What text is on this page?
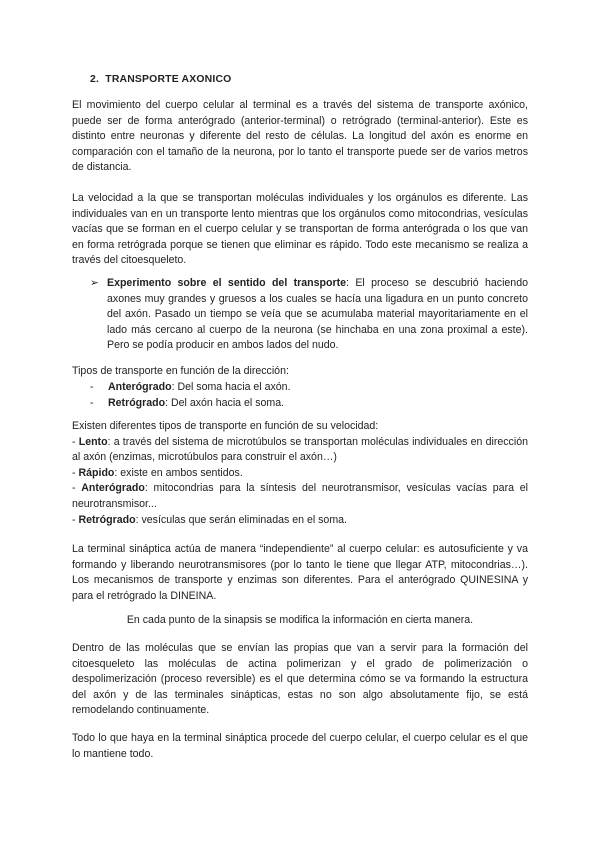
2. TRANSPORTE AXONICO

El movimiento del cuerpo celular al terminal es a través del sistema de transporte axónico, puede ser de forma anterógrado (anterior-terminal) o retrógrado (terminal-anterior). Este es distinto entre neuronas y diferente del resto de células. La longitud del axón es enorme en comparación con el tamaño de la neurona, por lo tanto el transporte puede ser de varios metros de distancia.

La velocidad a la que se transportan moléculas individuales y los orgánulos es diferente. Las individuales van en un transporte lento mientras que los orgánulos como mitocondrias, vesículas vacías que se forman en el cuerpo celular y se transportan de forma anterógrada o los que van en forma retrógrada porque se tienen que eliminar es rápido. Todo este mecanismo se realiza a través del citoesqueleto.

➢ Experimento sobre el sentido del transporte: El proceso se descubrió haciendo axones muy grandes y gruesos a los cuales se hacía una ligadura en un punto concreto del axón. Pasado un tiempo se veía que se acumulaba material mayoritariamente en el lado más cercano al cuerpo de la neurona (se hinchaba en una zona proximal a este). Pero se podía producir en ambos lados del nudo.

Tipos de transporte en función de la dirección:
- Anterógrado: Del soma hacia el axón.
- Retrógrado: Del axón hacia el soma.
Existen diferentes tipos de transporte en función de su velocidad:
- Lento: a través del sistema de microtúbulos se transportan moléculas individuales en dirección al axón (enzimas, microtúbulos para construir el axón…)
- Rápido: existe en ambos sentidos.
- Anterógrado: mitocondrias para la síntesis del neurotransmisor, vesículas vacías para el neurotransmisor...
- Retrógrado: vesículas que serán eliminadas en el soma.

La terminal sináptica actúa de manera “independiente” al cuerpo celular: es autosuficiente y va formando y liberando neurotransmisores (por lo tanto le tiene que llegar ATP, mitocondrias…). Los mecanismos de transporte y enzimas son diferentes. Para el anterógrado QUINESINA y para el retrógrado la DINEINA.

En cada punto de la sinapsis se modifica la información en cierta manera.

Dentro de las moléculas que se envían las propias que van a servir para la formación del citoesqueleto las moléculas de actina polimerizan y el grado de polimerización o despolimerización (proceso reversible) es el que determina cómo se va formando la estructura del axón y de las terminales sinápticas, estas no son algo absolutamente fijo, se está remodelando continuamente.

Todo lo que haya en la terminal sináptica procede del cuerpo celular, el cuerpo celular es el que lo mantiene todo.
